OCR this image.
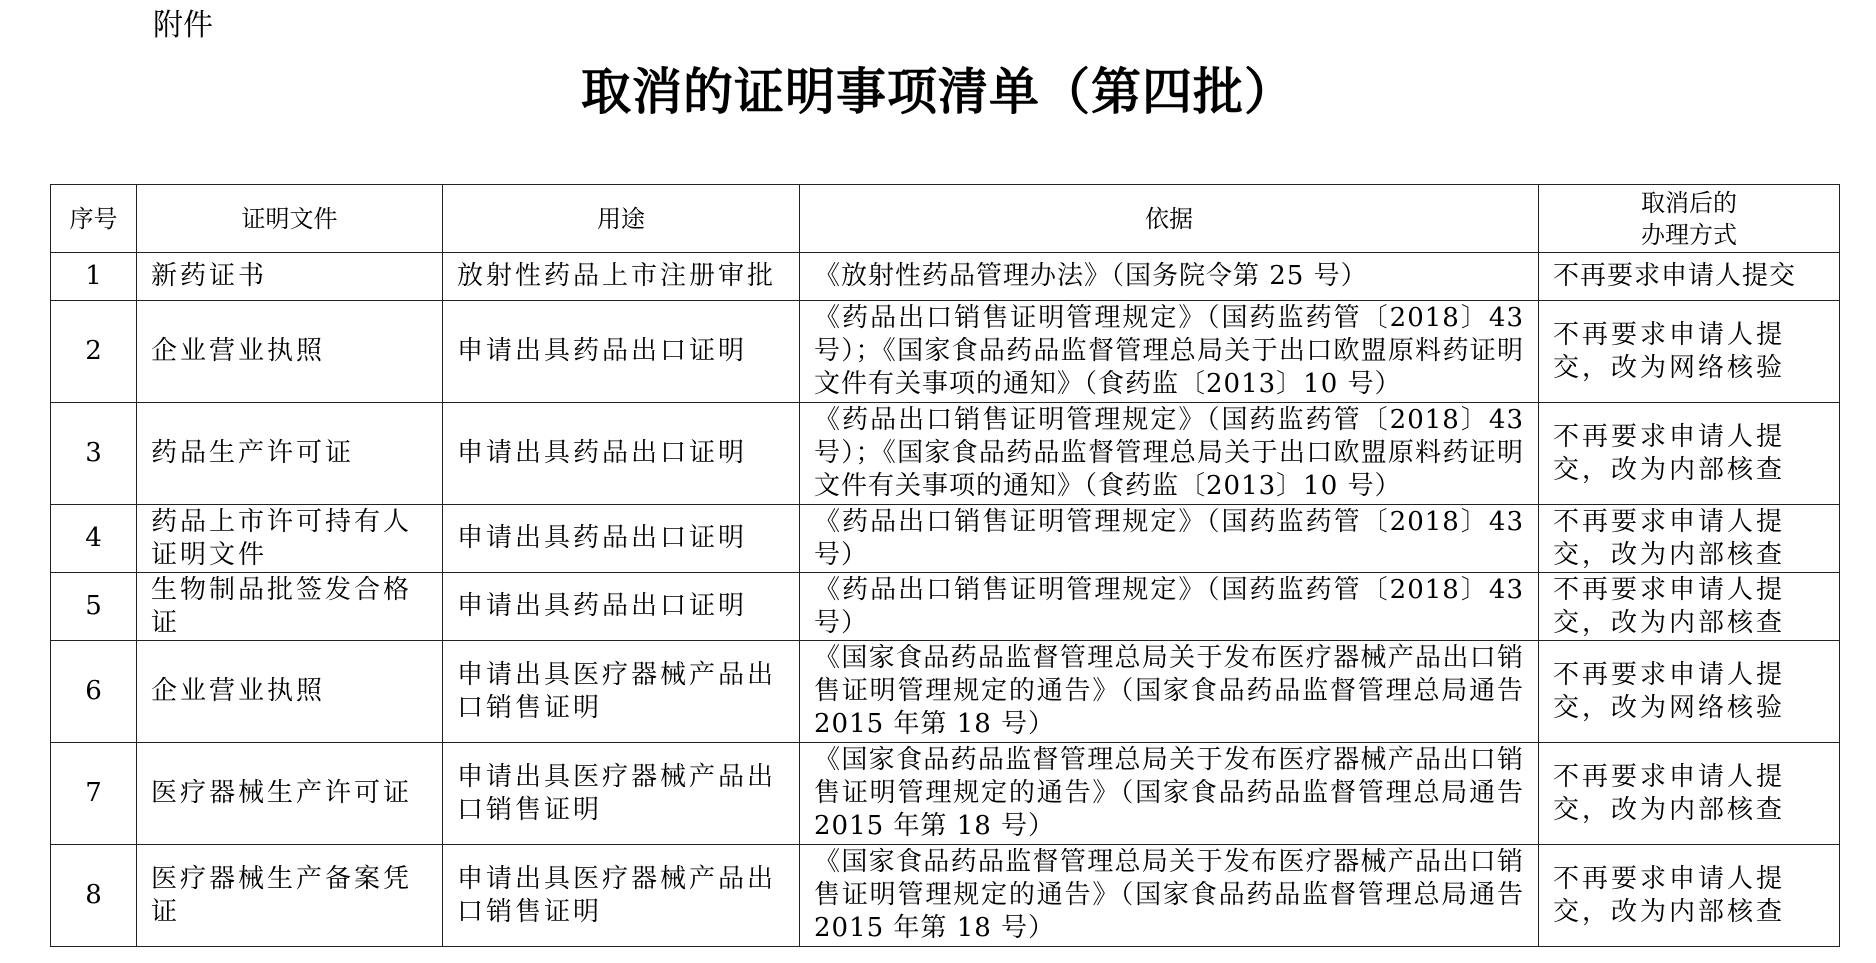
附件
取消的证明事项清单（第四批）
序号	证明文件	用途	依据	取消后的
办理方式
1	新药证书	放射性药品上市注册审批	《放射性药品管理办法》（国务院令第 25 号）	不再要求申请人提交
2	企业营业执照	申请出具药品出口证明	《药品出口销售证明管理规定》（国药监药管〔2018〕43 号）；《国家食品药品监督管理总局关于出口欧盟原料药证明文件有关事项的通知》（食药监〔2013〕10 号）	不再要求申请人提交，改为网络核验
3	药品生产许可证	申请出具药品出口证明	《药品出口销售证明管理规定》（国药监药管〔2018〕43 号）；《国家食品药品监督管理总局关于出口欧盟原料药证明文件有关事项的通知》（食药监〔2013〕10 号）	不再要求申请人提交，改为内部核查
4	药品上市许可持有人证明文件	申请出具药品出口证明	《药品出口销售证明管理规定》（国药监药管〔2018〕43 号）	不再要求申请人提交，改为内部核查
5	生物制品批签发合格证	申请出具药品出口证明	《药品出口销售证明管理规定》（国药监药管〔2018〕43 号）	不再要求申请人提交，改为内部核查
6	企业营业执照	申请出具医疗器械产品出口销售证明	《国家食品药品监督管理总局关于发布医疗器械产品出口销售证明管理规定的通告》（国家食品药品监督管理总局通告 2015 年第 18 号）	不再要求申请人提交，改为网络核验
7	医疗器械生产许可证	申请出具医疗器械产品出口销售证明	《国家食品药品监督管理总局关于发布医疗器械产品出口销售证明管理规定的通告》（国家食品药品监督管理总局通告 2015 年第 18 号）	不再要求申请人提交，改为内部核查
8	医疗器械生产备案凭证	申请出具医疗器械产品出口销售证明	《国家食品药品监督管理总局关于发布医疗器械产品出口销售证明管理规定的通告》（国家食品药品监督管理总局通告 2015 年第 18 号）	不再要求申请人提交，改为内部核查
